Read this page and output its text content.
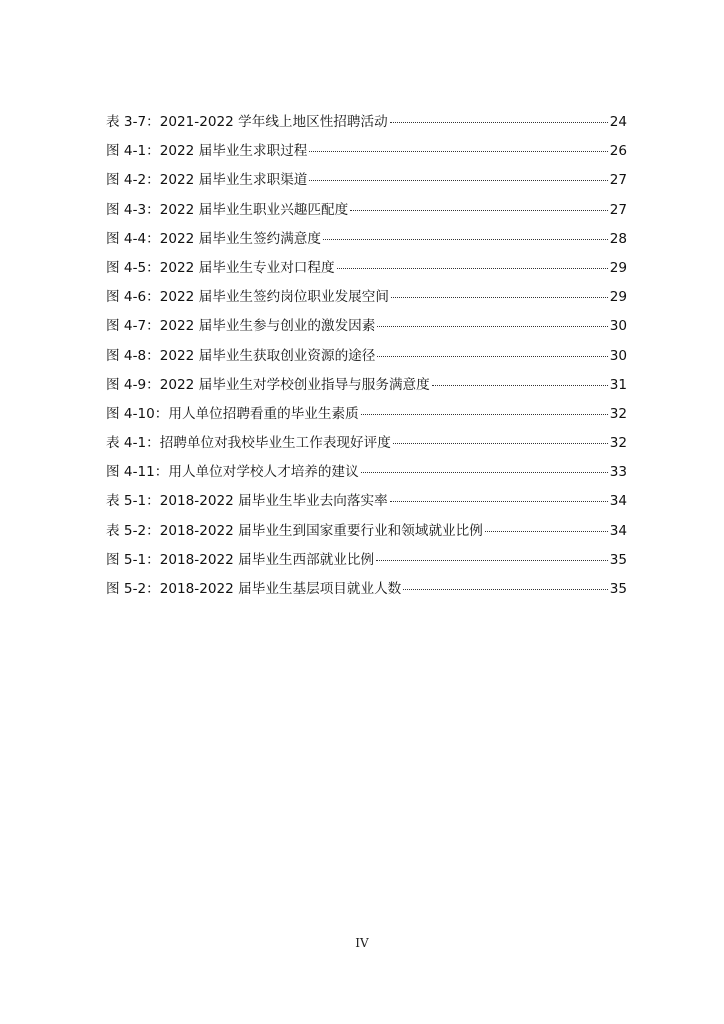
表 3-7：2021-2022 学年线上地区性招聘活动	24
图 4-1：2022 届毕业生求职过程	26
图 4-2：2022 届毕业生求职渠道	27
图 4-3：2022 届毕业生职业兴趣匹配度	27
图 4-4：2022 届毕业生签约满意度	28
图 4-5：2022 届毕业生专业对口程度	29
图 4-6：2022 届毕业生签约岗位职业发展空间	29
图 4-7：2022 届毕业生参与创业的激发因素	30
图 4-8：2022 届毕业生获取创业资源的途径	30
图 4-9：2022 届毕业生对学校创业指导与服务满意度	31
图 4-10：用人单位招聘看重的毕业生素质	32
表 4-1：招聘单位对我校毕业生工作表现好评度	32
图 4-11：用人单位对学校人才培养的建议	33
表 5-1：2018-2022 届毕业生毕业去向落实率	34
表 5-2：2018-2022 届毕业生到国家重要行业和领域就业比例	34
图 5-1：2018-2022 届毕业生西部就业比例	35
图 5-2：2018-2022 届毕业生基层项目就业人数	35
IV
